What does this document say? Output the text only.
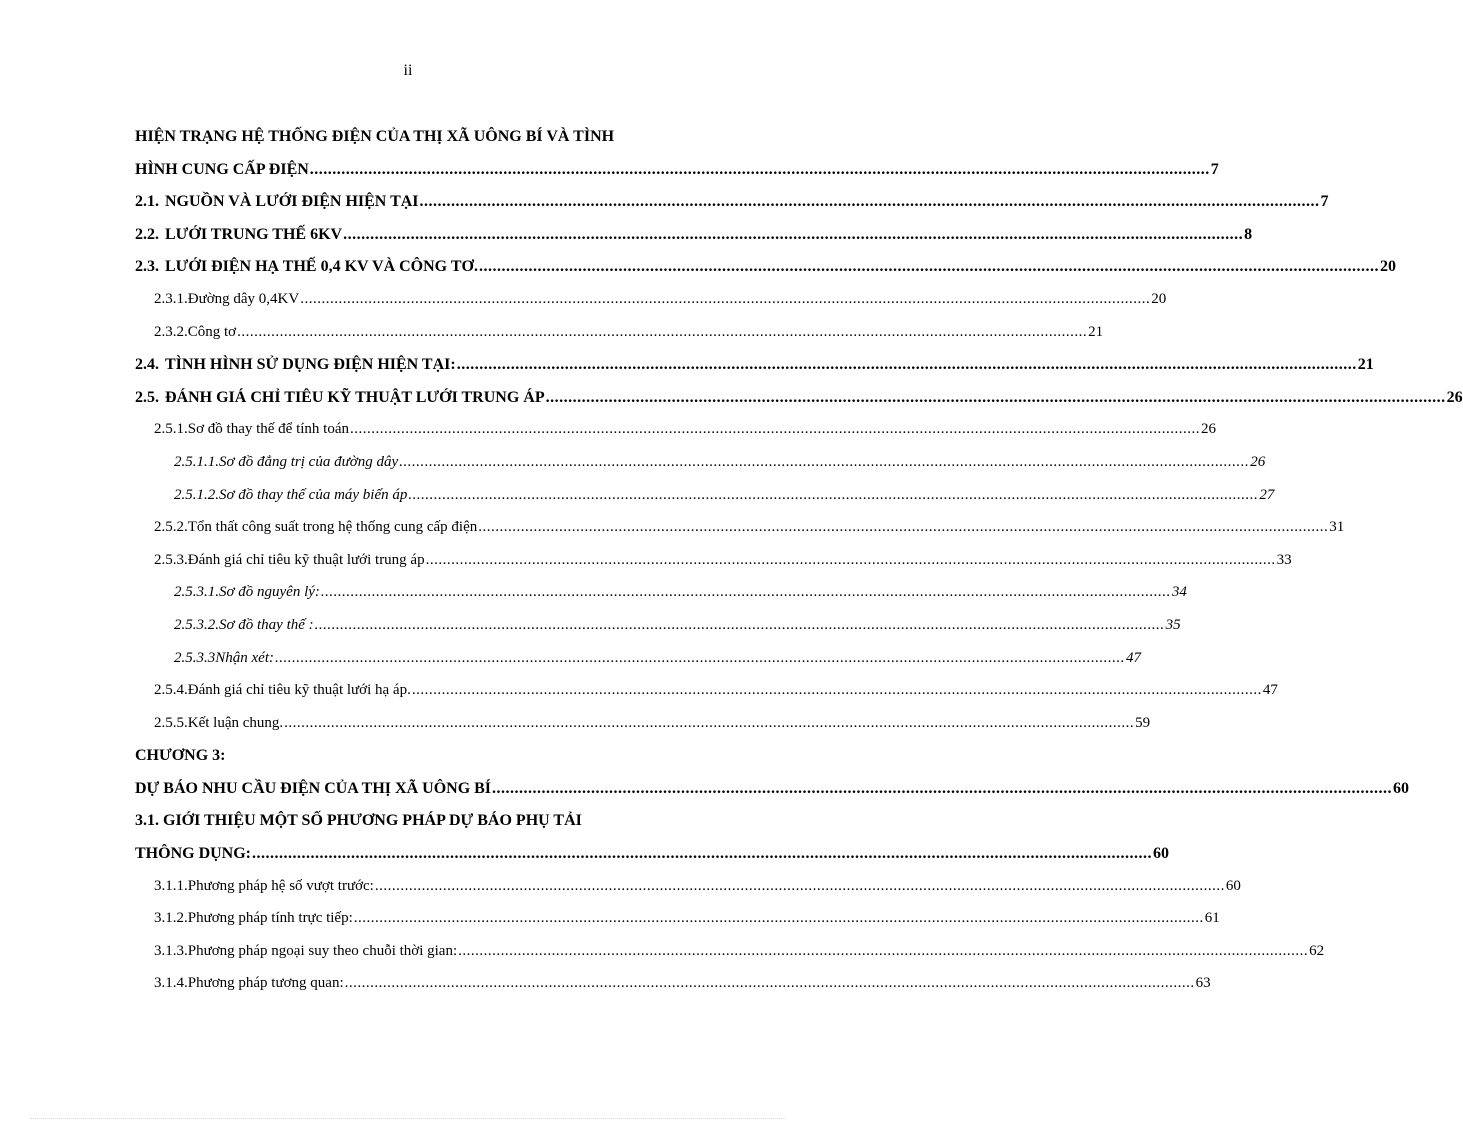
ii
HIỆN TRẠNG HỆ THỐNG ĐIỆN CỦA THỊ XÃ UÔNG BÍ VÀ TÌNH
HÌNH CUNG CẤP ĐIỆN .....	7
2.1. NGUỒN VÀ LƯỚI ĐIỆN HIỆN TẠI .....	7
2.2. LƯỚI TRUNG THẾ 6KV .....	8
2.3. LƯỚI ĐIỆN HẠ THẾ 0,4 KV VÀ CÔNG TƠ. .....	20
2.3.1. Đường dây 0,4KV .....	20
2.3.2. Công tơ .....	21
2.4. TÌNH HÌNH SỬ DỤNG ĐIỆN HIỆN TẠI: .....	21
2.5. ĐÁNH GIÁ CHỈ TIÊU KỸ THUẬT LƯỚI TRUNG ÁP .....	26
2.5.1. Sơ đồ thay thế để tính toán .....	26
2.5.1.1. Sơ đồ đẳng trị của đường dây .....	26
2.5.1.2. Sơ đồ thay thế của máy biến áp .....	27
2.5.2. Tổn thất công suất trong hệ thống cung cấp điện .....	31
2.5.3. Đánh giá chỉ tiêu kỹ thuật lưới trung áp .....	33
2.5.3.1. Sơ đồ nguyên lý: .....	34
2.5.3.2. Sơ đồ thay thế : .....	35
2.5.3.3 Nhận xét: .....	47
2.5.4. Đánh giá chỉ tiêu kỹ thuật lưới hạ áp. .....	47
2.5.5. Kết luận chung. .....	59
CHƯƠNG 3:
DỰ BÁO NHU CẦU ĐIỆN CỦA THỊ XÃ UÔNG BÍ .....	60
3.1. GIỚI THIỆU MỘT SỐ PHƯƠNG PHÁP DỰ BÁO PHỤ TẢI
THÔNG DỤNG: .....	60
3.1.1. Phương pháp hệ số vượt trước: .....	60
3.1.2. Phương pháp tính trực tiếp: .....	61
3.1.3. Phương pháp ngoại suy theo chuỗi thời gian: .....	62
3.1.4. Phương pháp tương quan: .....	63
